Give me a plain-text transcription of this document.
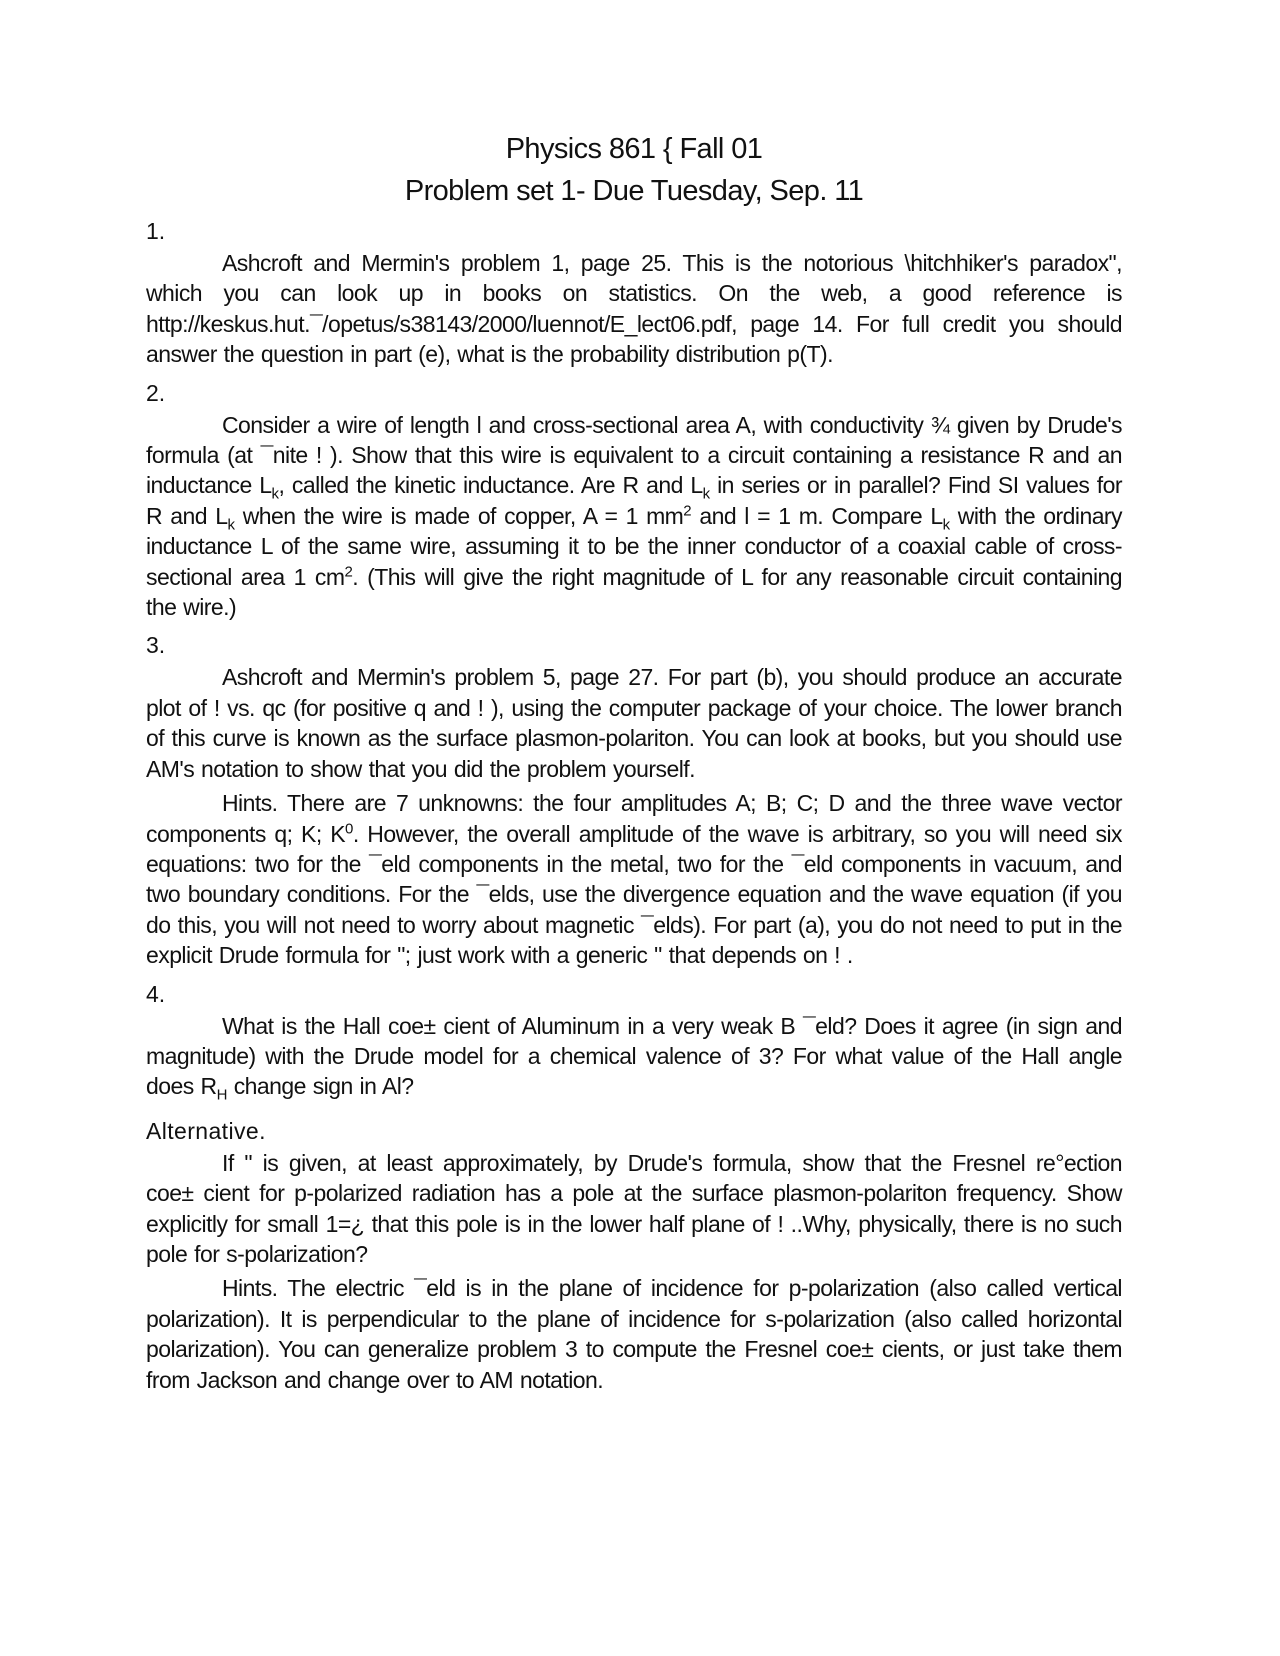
Physics 861 { Fall 01
Problem set 1- Due Tuesday, Sep. 11
1.

Ashcroft and Mermin's problem 1, page 25. This is the notorious \hitchhiker's paradox", which you can look up in books on statistics. On the web, a good reference is http://keskus.hut.¯/opetus/s38143/2000/luennot/E_lect06.pdf, page 14. For full credit you should answer the question in part (e), what is the probability distribution p(T).

2.

Consider a wire of length l and cross-sectional area A, with conductivity ¾ given by Drude's formula (at ¯nite ! ). Show that this wire is equivalent to a circuit containing a resistance R and an inductance $L_k$, called the kinetic inductance. Are R and $L_k$ in series or in parallel? Find SI values for R and $L_k$ when the wire is made of copper, A = 1 $mm^2$ and l = 1 m. Compare $L_k$ with the ordinary inductance L of the same wire, assuming it to be the inner conductor of a coaxial cable of cross-sectional area 1 $cm^2$. (This will give the right magnitude of L for any reasonable circuit containing the wire.)

3.

Ashcroft and Mermin's problem 5, page 27. For part (b), you should produce an accurate plot of ! vs. qc (for positive q and ! ), using the computer package of your choice. The lower branch of this curve is known as the surface plasmon-polariton. You can look at books, but you should use AM's notation to show that you did the problem yourself.

Hints. There are 7 unknowns: the four amplitudes A; B; C; D and the three wave vector components q; K; $K^0$. However, the overall amplitude of the wave is arbitrary, so you will need six equations: two for the ¯eld components in the metal, two for the ¯eld components in vacuum, and two boundary conditions. For the ¯elds, use the divergence equation and the wave equation (if you do this, you will not need to worry about magnetic ¯elds). For part (a), you do not need to put in the explicit Drude formula for "; just work with a generic " that depends on ! .

4.

What is the Hall coe± cient of Aluminum in a very weak B ¯eld? Does it agree (in sign and magnitude) with the Drude model for a chemical valence of 3? For what value of the Hall angle does $R_H$ change sign in Al?

Alternative.

If " is given, at least approximately, by Drude's formula, show that the Fresnel re°ection coe± cient for p-polarized radiation has a pole at the surface plasmon-polariton frequency. Show explicitly for small 1=¿ that this pole is in the lower half plane of ! ..Why, physically, there is no such pole for s-polarization?

Hints. The electric ¯eld is in the plane of incidence for p-polarization (also called vertical polarization). It is perpendicular to the plane of incidence for s-polarization (also called horizontal polarization). You can generalize problem 3 to compute the Fresnel coe± cients, or just take them from Jackson and change over to AM notation.
